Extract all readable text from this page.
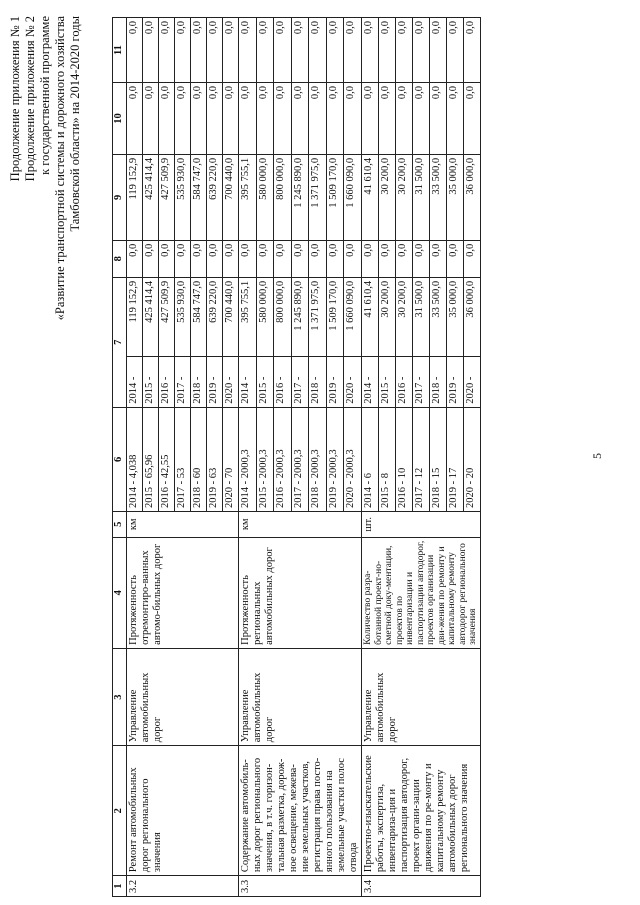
5
Продолжение приложения № 1 Продолжение приложения № 2 к государственной программе «Развитие транспортной системы и дорожного хозяйства Тамбовской области» на 2014-2020 годы
1	2	3	4	5	6	7		8	9	10	11
3.2	Ремонт автомобильных дорог регионального значения	Управление автомобильных дорог	Протяженность отремонтиро-ванных автомо-бильных дорог	км	2014 - 4,038	2014 -	119 152,9	0,0	119 152,9	0,0	0,0
					2015 - 65,96	2015 -	425 414,4	0,0	425 414,4	0,0	0,0
					2016 - 42,55	2016 -	427 509,9	0,0	427 509,9	0,0	0,0
					2017 - 53	2017 -	535 930,0	0,0	535 930,0	0,0	0,0
					2018 - 60	2018 -	584 747,0	0,0	584 747,0	0,0	0,0
					2019 - 63	2019 -	639 220,0	0,0	639 220,0	0,0	0,0
					2020 - 70	2020 -	700 440,0	0,0	700 440,0	0,0	0,0
3.3	Содержание автомобиль-ных дорог регионального значения, в т.ч. горизон-тальная разметка, дорож-ное освещение, межева-ние земельных участков, регистрация права посто-янного пользования на земельные участки полос отвода	Управление автомобильных дорог	Протяженность региональных автомобильных дорог	км	2014 - 2000,3	2014 -	395 755,1	0,0	395 755,1	0,0	0,0
					2015 - 2000,3	2015 -	580 000,0	0,0	580 000,0	0,0	0,0
					2016 - 2000,3	2016 -	800 000,0	0,0	800 000,0	0,0	0,0
					2017 - 2000,3	2017 -	1 245 890,0	0,0	1 245 890,0	0,0	0,0
					2018 - 2000,3	2018 -	1 371 975,0	0,0	1 371 975,0	0,0	0,0
					2019 - 2000,3	2019 -	1 509 170,0	0,0	1 509 170,0	0,0	0,0
					2020 - 2000,3	2020 -	1 660 090,0	0,0	1 660 090,0	0,0	0,0
3.4	Проектно-изыскательские работы, экспертиза, инвентариза-ция и паспортизация автодорог, проект органи-зации движения по ре-монту и капитальному ремонту автомобильных дорог регионального значения	Управление автомобильных дорог	Количество разра-ботанной проект-но-сметной доку-ментации, проектов по инвентаризации и паспортизации автодорог, проектов организации дви-жения по ремонту и капитальному ремонту автодорог регионального значения	шт.	2014 - 6	2014 -	41 610,4	0,0	41 610,4	0,0	0,0
					2015 - 8	2015 -	30 200,0	0,0	30 200,0	0,0	0,0
					2016 - 10	2016 -	30 200,0	0,0	30 200,0	0,0	0,0
					2017 - 12	2017 -	31 500,0	0,0	31 500,0	0,0	0,0
					2018 - 15	2018 -	33 500,0	0,0	33 500,0	0,0	0,0
					2019 - 17	2019 -	35 000,0	0,0	35 000,0	0,0	0,0
					2020 - 20	2020 -	36 000,0	0,0	36 000,0	0,0	0,0
